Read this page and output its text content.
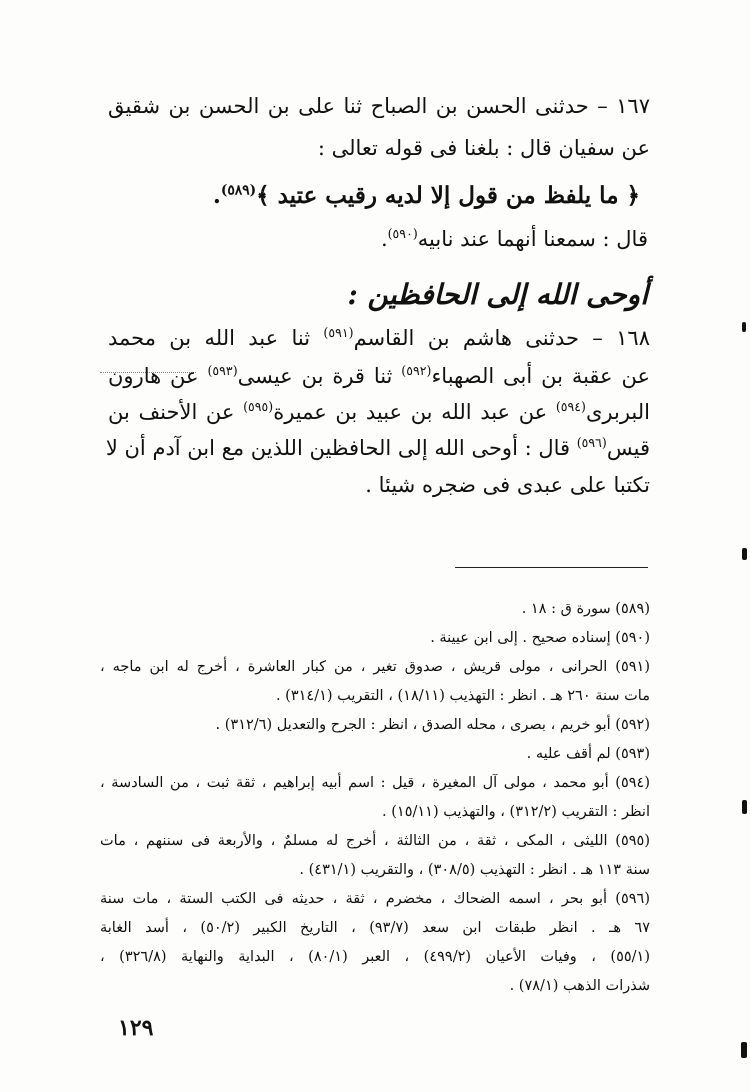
١٦٧ – حدثنى الحسن بن الصباح ثنا على بن الحسن بن شقيق
عن سفيان قال : بلغنا فى قوله تعالى :
﴿ ما يلفظ من قول إلا لديه رقيب عتيد ﴾$^{(٥٨٩)}$.
قال : سمعنا أنهما عند نابيه$^{(٥٩٠)}$.
أوحى الله إلى الحافظين :
١٦٨ – حدثنى هاشم بن القاسم$^{(٥٩١)}$ ثنا عبد الله بن محمد
عن عقبة بن أبى الصهباء$^{(٥٩٢)}$ ثنا قرة بن عيسى$^{(٥٩٣)}$ عن هارون
البربرى$^{(٥٩٤)}$ عن عبد الله بن عبيد بن عميرة$^{(٥٩٥)}$ عن الأحنف بن
قيس$^{(٥٩٦)}$ قال : أوحى الله إلى الحافظين اللذين مع ابن آدم أن لا
تكتبا على عبدى فى ضجره شيئا .
(٥٨٩) سورة ق : ١٨ .
(٥٩٠) إسناده صحيح . إلى ابن عيينة .
(٥٩١) الحرانى ، مولى قريش ، صدوق تغير ، من كبار العاشرة ، أخرج له ابن ماجه ،
مات سنة ٢٦٠ هـ . انظر : التهذيب (١٨/١١) ، التقريب (٣١٤/١) .
(٥٩٢) أبو خريم ، بصرى ، محله الصدق ، انظر : الجرح والتعديل (٣١٢/٦) .
(٥٩٣) لم أقف عليه .
(٥٩٤) أبو محمد ، مولى آل المغيرة ، قيل : اسم أبيه إبراهيم ، ثقة ثبت ، من السادسة ،
انظر : التقريب (٣١٢/٢) ، والتهذيب (١٥/١١) .
(٥٩٥) الليثى ، المكى ، ثقة ، من الثالثة ، أخرج له مسلمٌ ، والأربعة فى سننهم ، مات
سنة ١١٣ هـ . انظر : التهذيب (٣٠٨/٥) ، والتقريب (٤٣١/١) .
(٥٩٦) أبو بحر ، اسمه الضحاك ، مخضرم ، ثقة ، حديثه فى الكتب الستة ، مات سنة
٦٧ هـ . انظر طبقات ابن سعد (٩٣/٧) ، التاريخ الكبير (٥٠/٢) ، أسد الغابة
(٥٥/١) ، وفيات الأعيان (٤٩٩/٢) ، العبر (٨٠/١) ، البداية والنهاية (٣٢٦/٨) ،
شذرات الذهب (٧٨/١) .
١٢٩
